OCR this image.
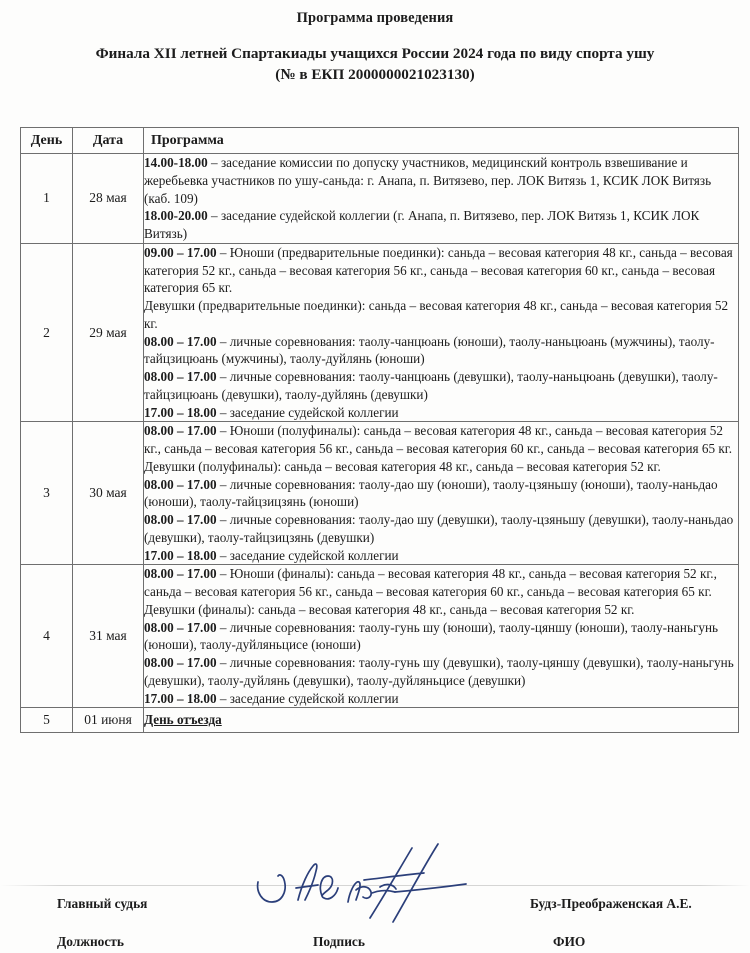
Программа проведения
Финала XII летней Спартакиады учащихся России 2024 года по виду спорта ушу
(№ в ЕКП 2000000021023130)
День	Дата	Программа
1	28 мая	14.00-18.00 – заседание комиссии по допуску участников, медицинский контроль взвешивание и жеребьевка участников по ушу-саньда: г. Анапа, п. Витязево, пер. ЛОК Витязь 1, КСИК ЛОК Витязь (каб. 109)

18.00-20.00 – заседание судейской коллегии (г. Анапа, п. Витязево, пер. ЛОК Витязь 1, КСИК ЛОК Витязь)

2	29 мая	09.00 – 17.00 – Юноши (предварительные поединки): саньда – весовая категория 48 кг., саньда – весовая категория 52 кг., саньда – весовая категория 56 кг., саньда – весовая категория 60 кг., саньда – весовая категория 65 кг.

Девушки (предварительные поединки): саньда – весовая категория 48 кг., саньда – весовая категория 52 кг.

08.00 – 17.00 – личные соревнования: таолу-чанцюань (юноши), таолу-наньцюань (мужчины), таолу-тайцзицюань (мужчины), таолу-дуйлянь (юноши)

08.00 – 17.00 – личные соревнования: таолу-чанцюань (девушки), таолу-наньцюань (девушки), таолу-тайцзицюань (девушки), таолу-дуйлянь (девушки)

17.00 – 18.00 – заседание судейской коллегии

3	30 мая	08.00 – 17.00 – Юноши (полуфиналы): саньда – весовая категория 48 кг., саньда – весовая категория 52 кг., саньда – весовая категория 56 кг., саньда – весовая категория 60 кг., саньда – весовая категория 65 кг.

Девушки (полуфиналы): саньда – весовая категория 48 кг., саньда – весовая категория 52 кг.

08.00 – 17.00 – личные соревнования: таолу-дао шу (юноши), таолу-цзяньшу (юноши), таолу-наньдао (юноши), таолу-тайцзицзянь (юноши)

08.00 – 17.00 – личные соревнования: таолу-дао шу (девушки), таолу-цзяньшу (девушки), таолу-наньдао (девушки), таолу-тайцзицзянь (девушки)

17.00 – 18.00 – заседание судейской коллегии

4	31 мая	08.00 – 17.00 – Юноши (финалы): саньда – весовая категория 48 кг., саньда – весовая категория 52 кг., саньда – весовая категория 56 кг., саньда – весовая категория 60 кг., саньда – весовая категория 65 кг.

Девушки (финалы): саньда – весовая категория 48 кг., саньда – весовая категория 52 кг.

08.00 – 17.00 – личные соревнования: таолу-гунь шу (юноши), таолу-цяншу (юноши), таолу-наньгунь (юноши), таолу-дуйляньцисе (юноши)

08.00 – 17.00 – личные соревнования: таолу-гунь шу (девушки), таолу-цяншу (девушки), таолу-наньгунь (девушки), таолу-дуйлянь (девушки), таолу-дуйляньцисе (девушки)

17.00 – 18.00 – заседание судейской коллегии

5	01 июня	День отъезда
Главный судья	Будз-Преображенская А.Е.
Должность	Подпись	ФИО
